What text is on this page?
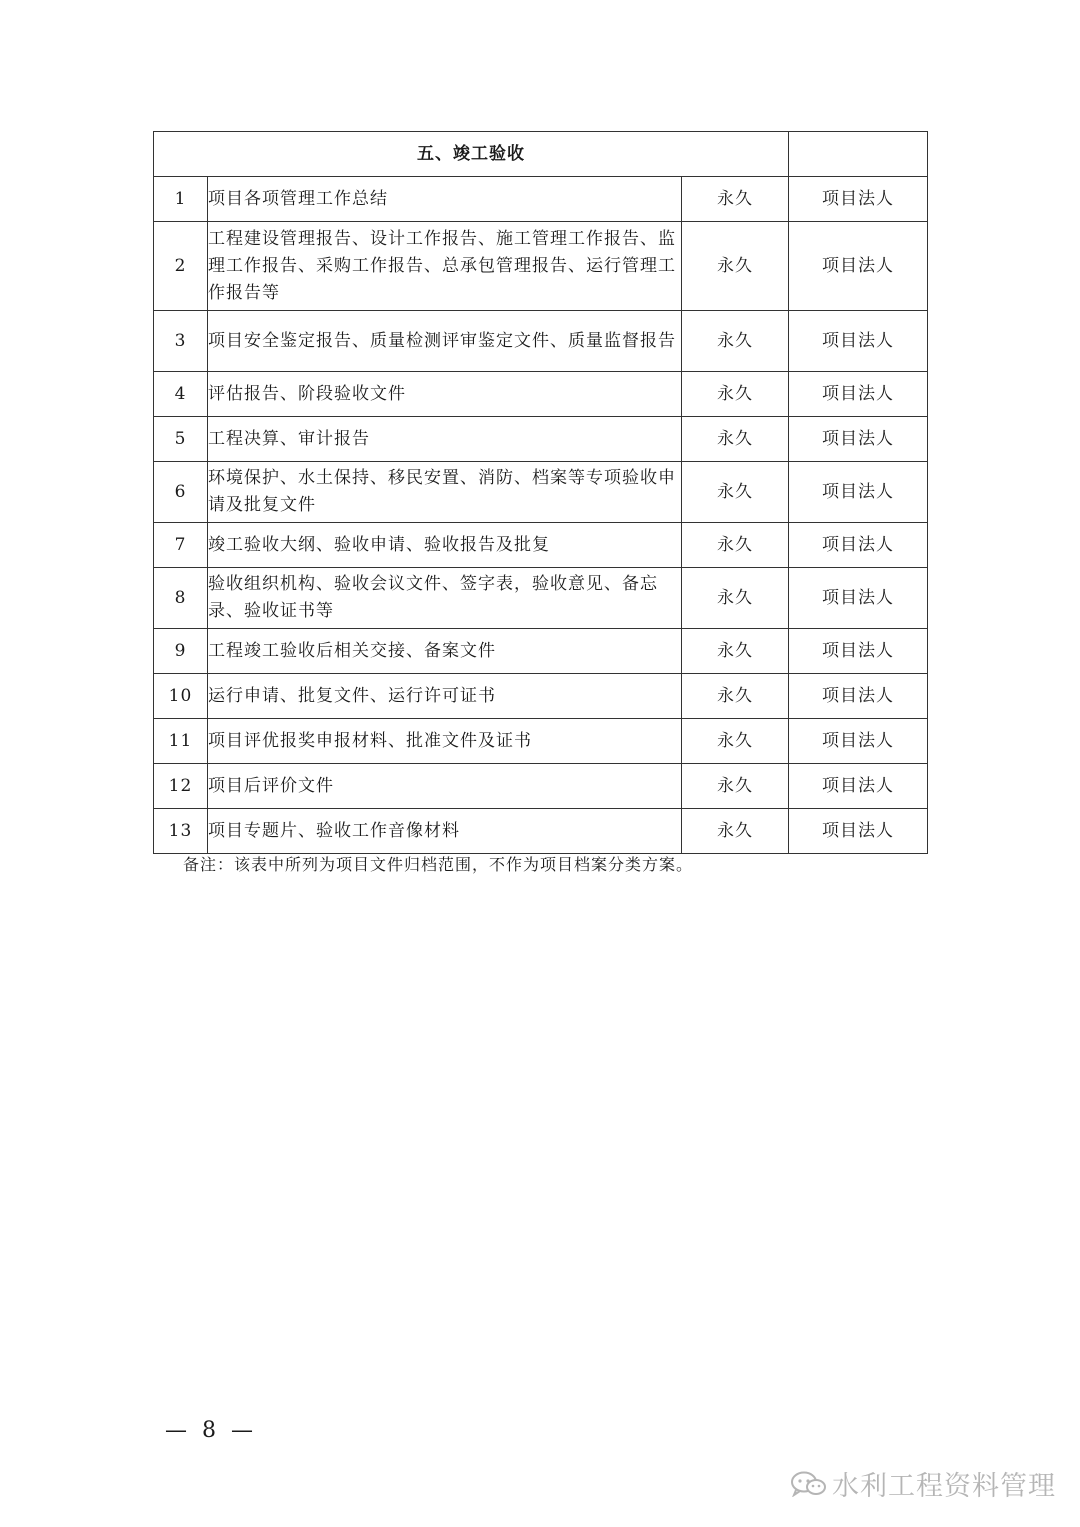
五、竣工验收			
1	项目各项管理工作总结	永久	项目法人
2	工程建设管理报告、设计工作报告、施工管理工作报告、监理工作报告、采购工作报告、总承包管理报告、运行管理工作报告等	永久	项目法人
3	项目安全鉴定报告、质量检测评审鉴定文件、质量监督报告	永久	项目法人
4	评估报告、阶段验收文件	永久	项目法人
5	工程决算、审计报告	永久	项目法人
6	环境保护、水土保持、移民安置、消防、档案等专项验收申请及批复文件	永久	项目法人
7	竣工验收大纲、验收申请、验收报告及批复	永久	项目法人
8	验收组织机构、验收会议文件、签字表，验收意见、备忘录、验收证书等	永久	项目法人
9	工程竣工验收后相关交接、备案文件	永久	项目法人
10	运行申请、批复文件、运行许可证书	永久	项目法人
11	项目评优报奖申报材料、批准文件及证书	永久	项目法人
12	项目后评价文件	永久	项目法人
13	项目专题片、验收工作音像材料	永久	项目法人
备注：该表中所列为项目文件归档范围，不作为项目档案分类方案。
— 8 —
水利工程资料管理
